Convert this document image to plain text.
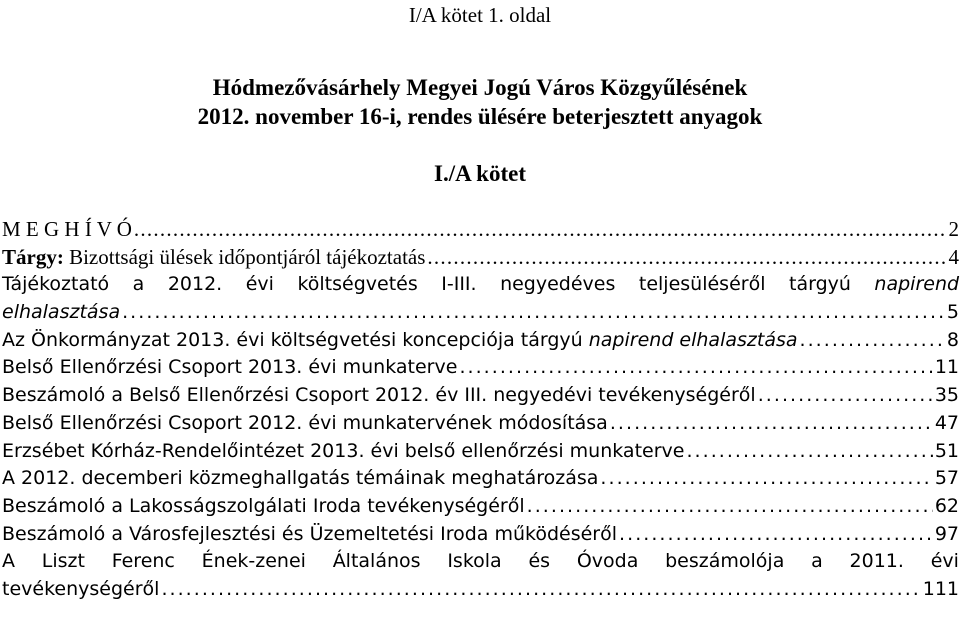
I/A kötet 1. oldal
Hódmezővásárhely Megyei Jogú Város Közgyűlésének
2012. november 16-i, rendes ülésére beterjesztett anyagok
I./A kötet
M E G H Í V Ó . . .	2
Tárgy: Bizottsági ülések időpontjáról tájékoztatás . . .	4
Tájékoztató a 2012. évi költségvetés I-III. negyedéves teljesüléséről tárgyú napirend
elhalasztása . . .	5
Az Önkormányzat 2013. évi költségvetési koncepciója tárgyú napirend elhalasztása . . .	8
Belső Ellenőrzési Csoport 2013. évi munkaterve . . .	11
Beszámoló a Belső Ellenőrzési Csoport 2012. év III. negyedévi tevékenységéről . . .	35
Belső Ellenőrzési Csoport 2012. évi munkatervének módosítása . . .	47
Erzsébet Kórház-Rendelőintézet 2013. évi belső ellenőrzési munkaterve . . .	51
A 2012. decemberi közmeghallgatás témáinak meghatározása . . .	57
Beszámoló a Lakosságszolgálati Iroda tevékenységéről . . .	62
Beszámoló a Városfejlesztési és Üzemeltetési Iroda működéséről . . .	97
A Liszt Ferenc Ének-zenei Általános Iskola és Óvoda beszámolója a 2011. évi
tevékenységéről . . .	111
